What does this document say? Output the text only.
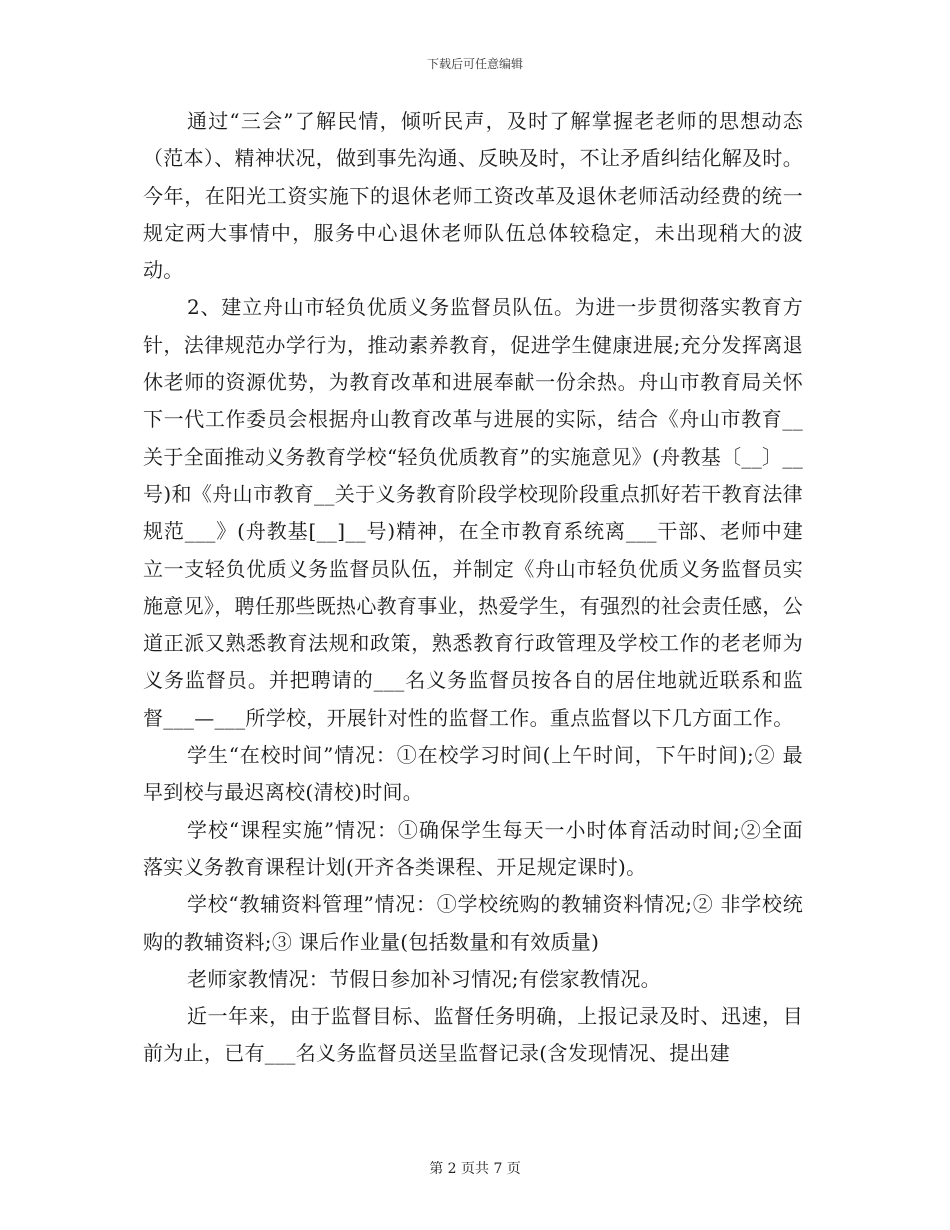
下载后可任意编辑

通过“三会”了解民情，倾听民声，及时了解掌握老老师的思想动态（范本）、精神状况，做到事先沟通、反映及时，不让矛盾纠结化解及时。今年，在阳光工资实施下的退休老师工资改革及退休老师活动经费的统一规定两大事情中，服务中心退休老师队伍总体较稳定，未出现稍大的波动。

2、建立舟山市轻负优质义务监督员队伍。为进一步贯彻落实教育方针，法律规范办学行为，推动素养教育，促进学生健康进展;充分发挥离退休老师的资源优势，为教育改革和进展奉献一份余热。舟山市教育局关怀下一代工作委员会根据舟山教育改革与进展的实际，结合《舟山市教育__关于全面推动义务教育学校“轻负优质教育”的实施意见》(舟教基〔__〕__号)和《舟山市教育__关于义务教育阶段学校现阶段重点抓好若干教育法律规范___》(舟教基[__]__号)精神，在全市教育系统离___干部、老师中建立一支轻负优质义务监督员队伍，并制定《舟山市轻负优质义务监督员实施意见》，聘任那些既热心教育事业，热爱学生，有强烈的社会责任感，公道正派又熟悉教育法规和政策，熟悉教育行政管理及学校工作的老老师为义务监督员。并把聘请的___名义务监督员按各自的居住地就近联系和监督___—___所学校，开展针对性的监督工作。重点监督以下几方面工作。

学生“在校时间”情况：①在校学习时间(上午时间，下午时间);② 最早到校与最迟离校(清校)时间。

学校“课程实施”情况：①确保学生每天一小时体育活动时间;②全面落实义务教育课程计划(开齐各类课程、开足规定课时)。

学校“教辅资料管理”情况：①学校统购的教辅资料情况;② 非学校统购的教辅资料;③ 课后作业量(包括数量和有效质量)

老师家教情况：节假日参加补习情况;有偿家教情况。

近一年来，由于监督目标、监督任务明确，上报记录及时、迅速，目前为止，已有___名义务监督员送呈监督记录(含发现情况、提出建

第 2 页共 7 页
